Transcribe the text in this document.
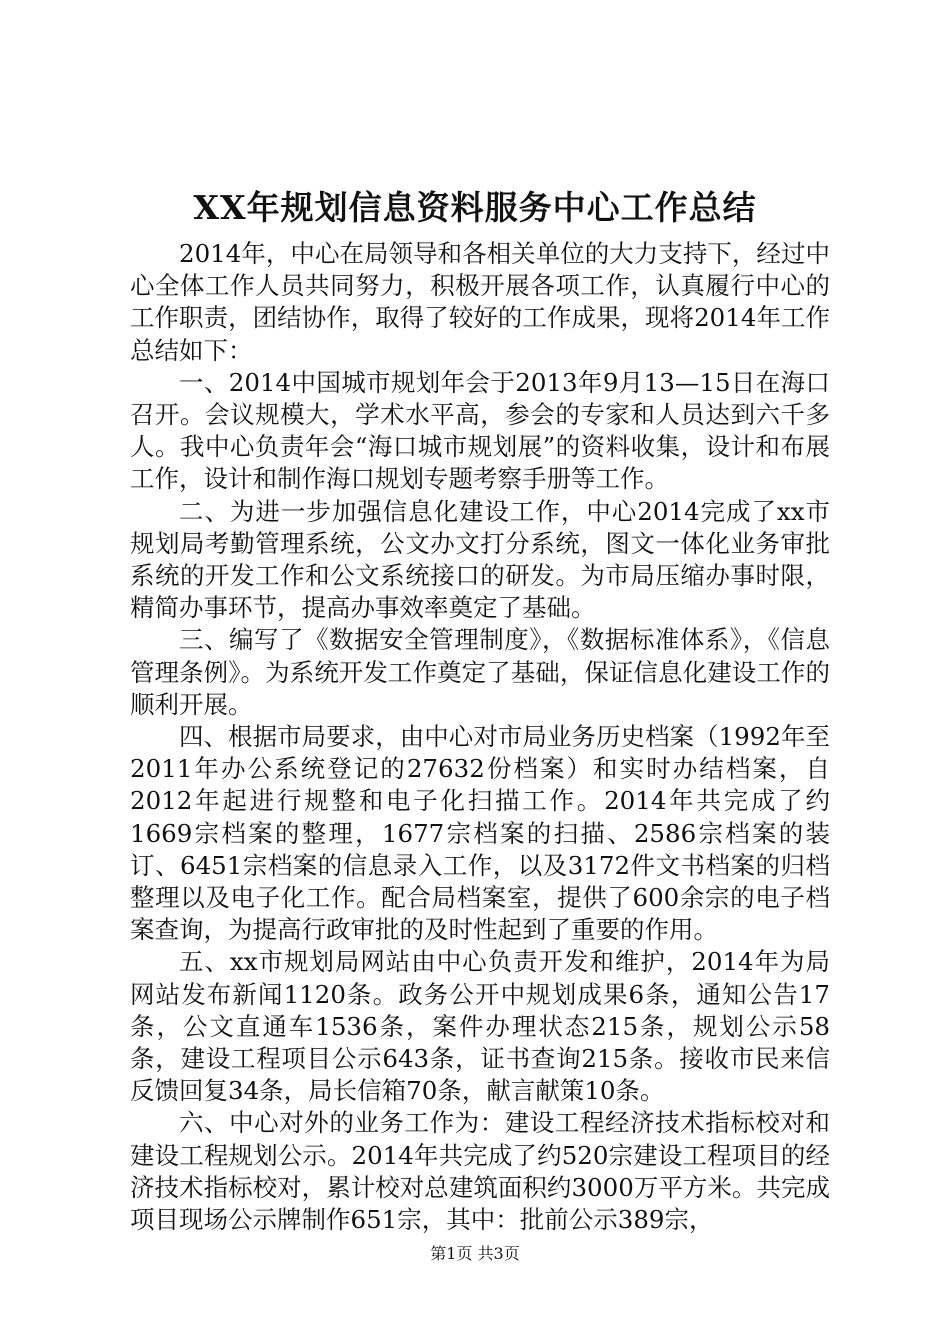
XX年规划信息资料服务中心工作总结

2014年，中心在局领导和各相关单位的大力支持下，经过中心全体工作人员共同努力，积极开展各项工作，认真履行中心的工作职责，团结协作，取得了较好的工作成果，现将2014年工作总结如下：

一、2014中国城市规划年会于2013年9月13—15日在海口召开。会议规模大，学术水平高，参会的专家和人员达到六千多人。我中心负责年会“海口城市规划展”的资料收集，设计和布展工作，设计和制作海口规划专题考察手册等工作。

二、为进一步加强信息化建设工作，中心2014完成了xx市规划局考勤管理系统，公文办文打分系统，图文一体化业务审批系统的开发工作和公文系统接口的研发。为市局压缩办事时限，精简办事环节，提高办事效率奠定了基础。

三、编写了《数据安全管理制度》，《数据标准体系》，《信息管理条例》。为系统开发工作奠定了基础，保证信息化建设工作的顺利开展。

四、根据市局要求，由中心对市局业务历史档案（1992年至2011年办公系统登记的27632份档案）和实时办结档案，自2012年起进行规整和电子化扫描工作。2014年共完成了约1669宗档案的整理，1677宗档案的扫描、2586宗档案的装订、6451宗档案的信息录入工作，以及3172件文书档案的归档整理以及电子化工作。配合局档案室，提供了600余宗的电子档案查询，为提高行政审批的及时性起到了重要的作用。

五、xx市规划局网站由中心负责开发和维护，2014年为局网站发布新闻1120条。政务公开中规划成果6条，通知公告17条，公文直通车1536条，案件办理状态215条，规划公示58条，建设工程项目公示643条，证书查询215条。接收市民来信反馈回复34条，局长信箱70条，献言献策10条。

六、中心对外的业务工作为：建设工程经济技术指标校对和建设工程规划公示。2014年共完成了约520宗建设工程项目的经济技术指标校对，累计校对总建筑面积约3000万平方米。共完成项目现场公示牌制作651宗，其中：批前公示389宗，

第1页 共3页
